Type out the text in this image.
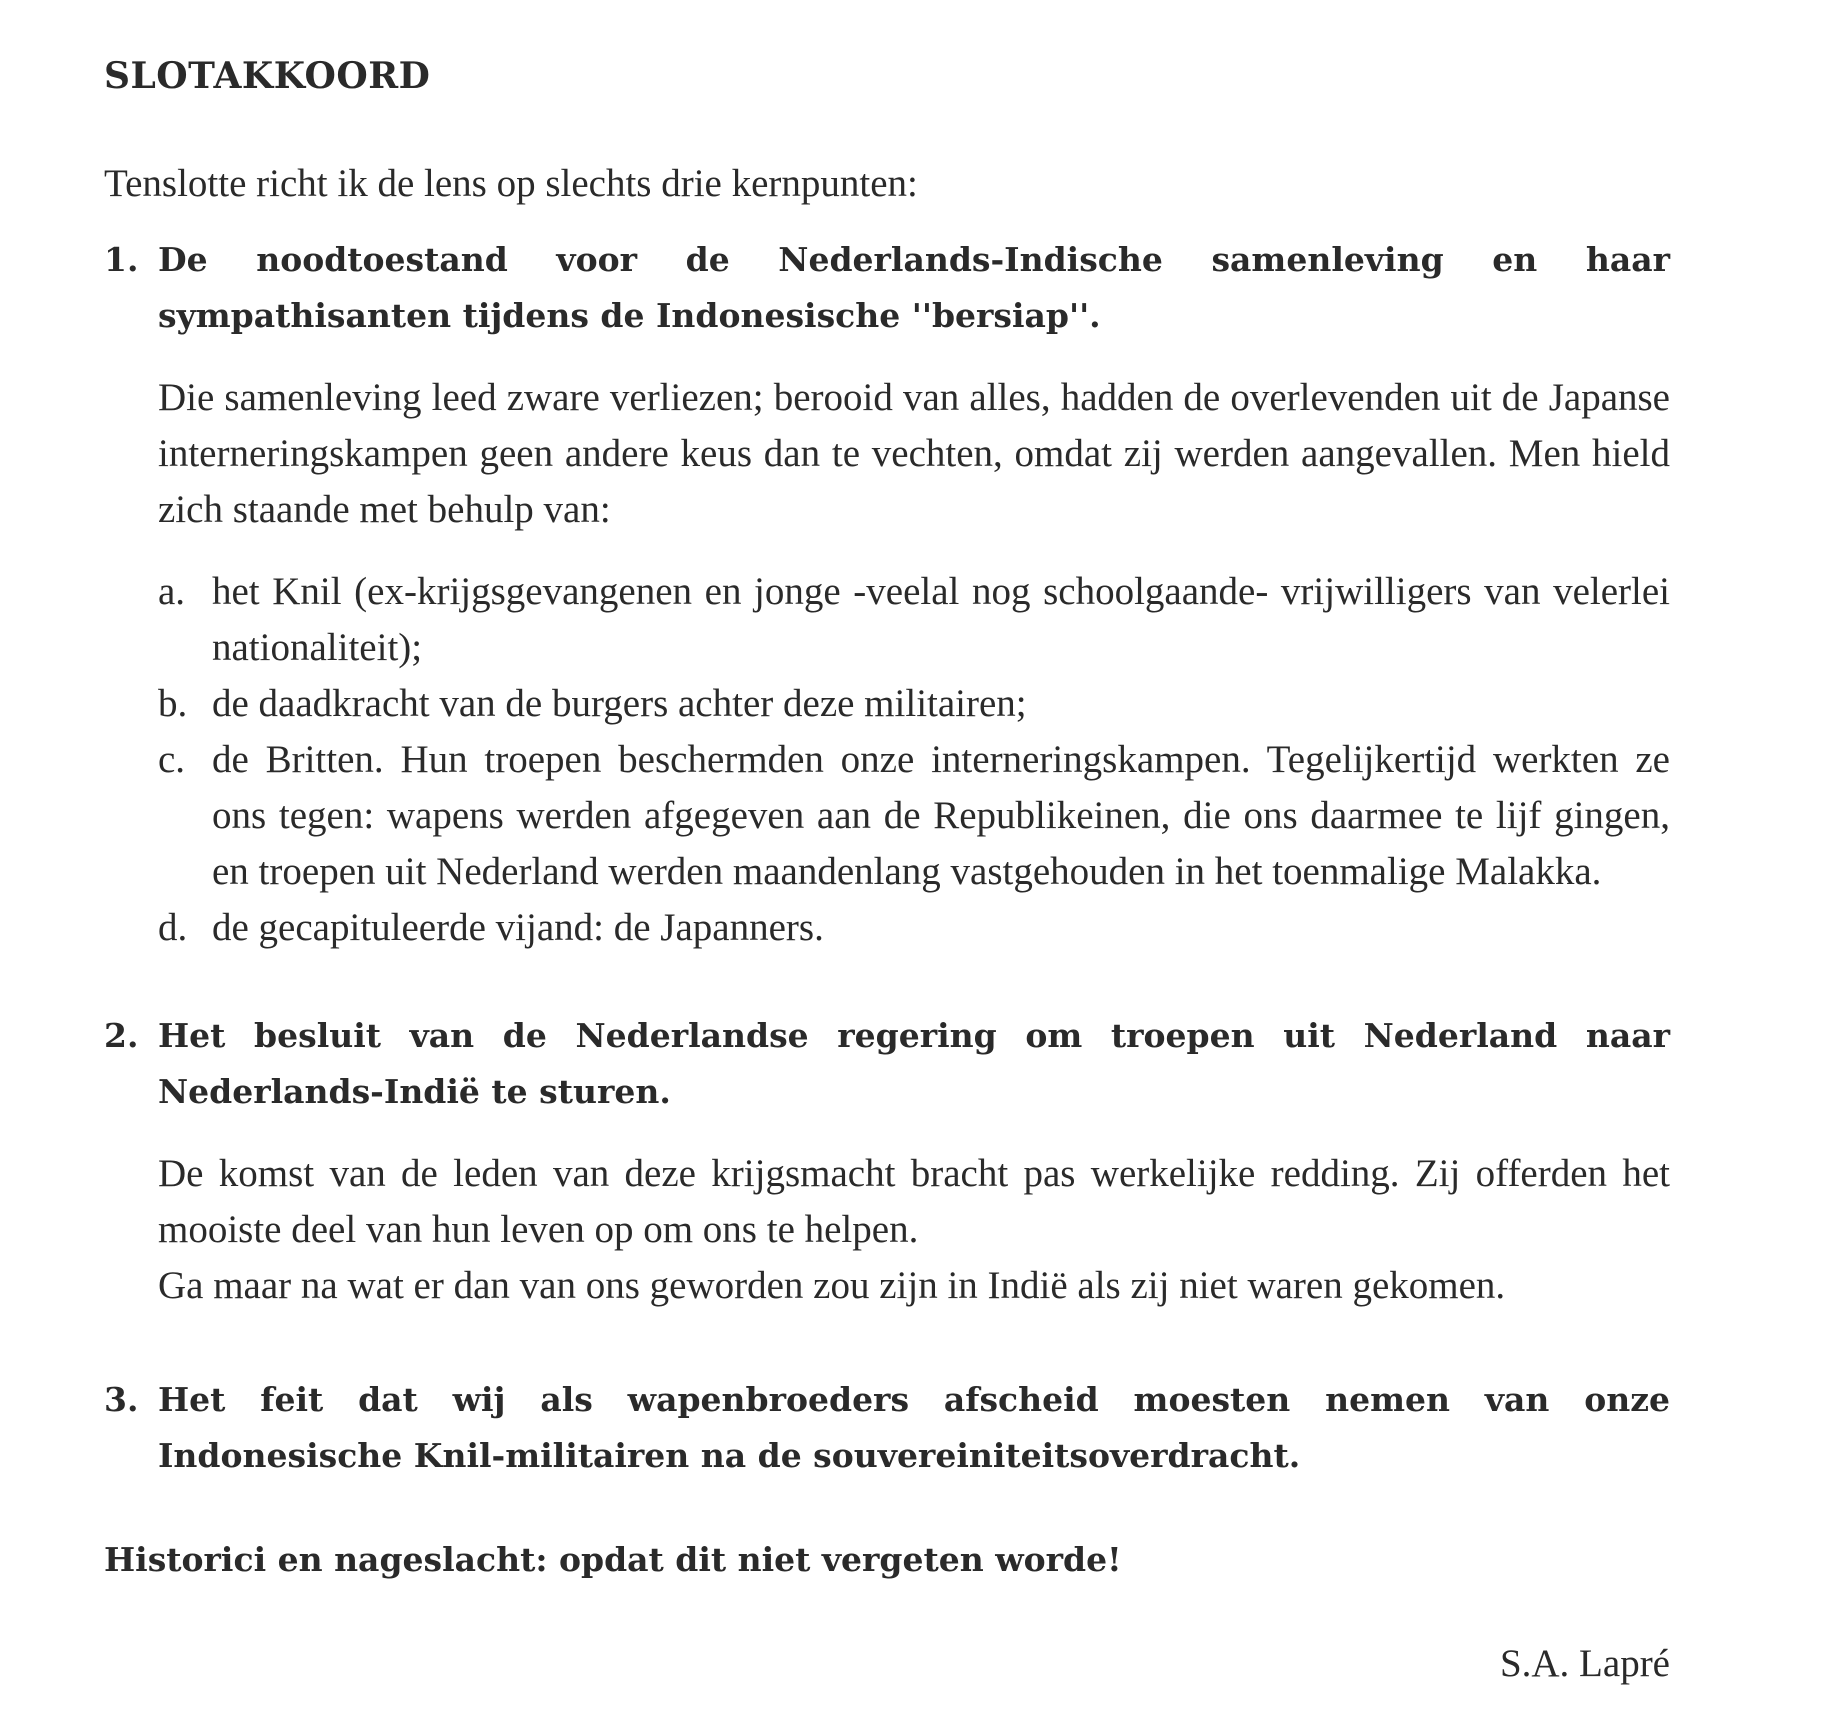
SLOTAKKOORD

Tenslotte richt ik de lens op slechts drie kernpunten:

1. De noodtoestand voor de Nederlands-Indische samenleving en haar sympathisanten tijdens de Indonesische ''bersiap''.

Die samenleving leed zware verliezen; berooid van alles, hadden de overlevenden uit de Japanse interneringskampen geen andere keus dan te vechten, omdat zij werden aangevallen. Men hield zich staande met behulp van:

a. het Knil (ex-krijgsgevangenen en jonge -veelal nog schoolgaande- vrijwilligers van velerlei nationaliteit);
b. de daadkracht van de burgers achter deze militairen;
c. de Britten. Hun troepen beschermden onze interneringskampen. Tegelijkertijd werkten ze ons tegen: wapens werden afgegeven aan de Republikeinen, die ons daarmee te lijf gingen, en troepen uit Nederland werden maandenlang vastgehouden in het toenmalige Malakka.
d. de gecapituleerde vijand: de Japanners.
2. Het besluit van de Nederlandse regering om troepen uit Nederland naar Nederlands-Indië te sturen.

De komst van de leden van deze krijgsmacht bracht pas werkelijke redding. Zij offerden het mooiste deel van hun leven op om ons te helpen.

Ga maar na wat er dan van ons geworden zou zijn in Indië als zij niet waren gekomen.

3. Het feit dat wij als wapenbroeders afscheid moesten nemen van onze Indonesische Knil-militairen na de souvereiniteitsoverdracht.

Historici en nageslacht: opdat dit niet vergeten worde!

S.A. Lapré
